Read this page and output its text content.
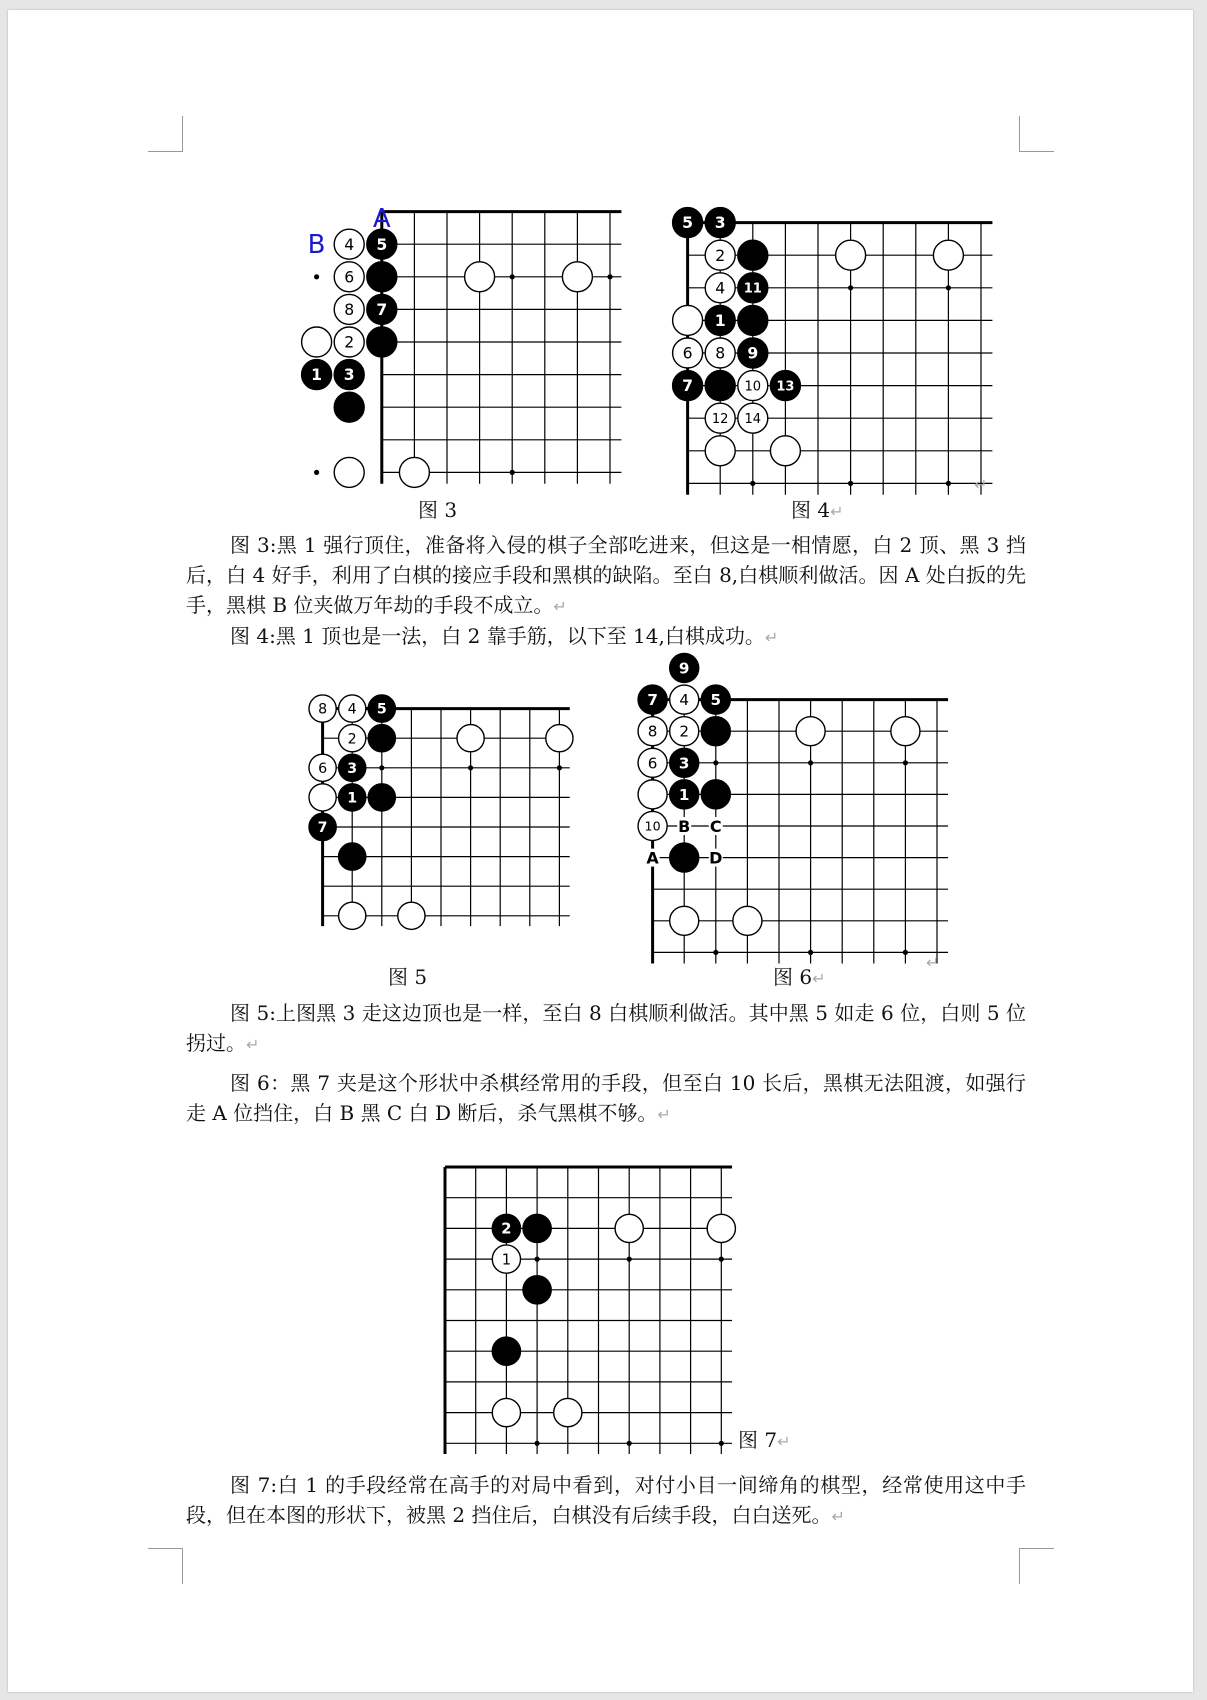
4
6
8
2
5
7
3
1
A
B	2
4
6 8
10
12 14
5 3
11
1
9
7	13
8 4
2
6
5
3
1
7
4
8 2
6
10
9
7	5
3
1
B C
A	D
1
2
图 3	图 4↵
图 5	图 6↵
图 7↵
↵
↵
图 3:黑 1 强行顶住，准备将入侵的棋子全部吃进来，但这是一相情愿，白 2 顶、黑 3 挡后，白 4 好手，利用了白棋的接应手段和黑棋的缺陷。至白 8,白棋顺利做活。因 A 处白扳的先手，黑棋 B 位夹做万年劫的手段不成立。↵
图 4:黑 1 顶也是一法，白 2 靠手筋，以下至 14,白棋成功。↵
图 5:上图黑 3 走这边顶也是一样，至白 8 白棋顺利做活。其中黑 5 如走 6 位，白则 5 位拐过。↵
图 6：黑 7 夹是这个形状中杀棋经常用的手段，但至白 10 长后，黑棋无法阻渡，如强行走 A 位挡住，白 B 黑 C 白 D 断后，杀气黑棋不够。↵
图 7:白 1 的手段经常在高手的对局中看到，对付小目一间缔角的棋型，经常使用这中手段，但在本图的形状下，被黑 2 挡住后，白棋没有后续手段，白白送死。↵
